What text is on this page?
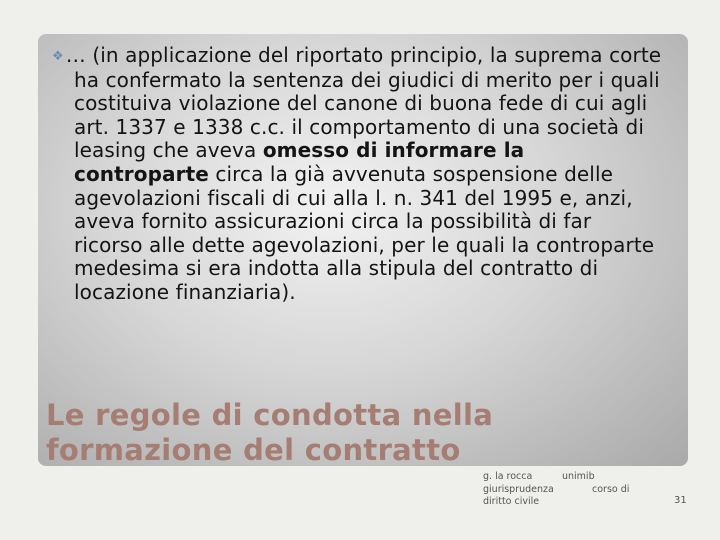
❖ … (in applicazione del riportato principio, la suprema corte ha confermato la sentenza dei giudici di merito per i quali costituiva violazione del canone di buona fede di cui agli art. 1337 e 1338 c.c. il comportamento di una società di leasing che aveva omesso di informare la controparte circa la già avvenuta sospensione delle agevolazioni fiscali di cui alla l. n. 341 del 1995 e, anzi, aveva fornito assicurazioni circa la possibilità di far ricorso alle dette agevolazioni, per le quali la controparte medesima si era indotta alla stipula del contratto di locazione finanziaria).
Le regole di condotta nella
formazione del contratto
g. la rocca
giurisprudenza
diritto civile
unimib
corso di
31
